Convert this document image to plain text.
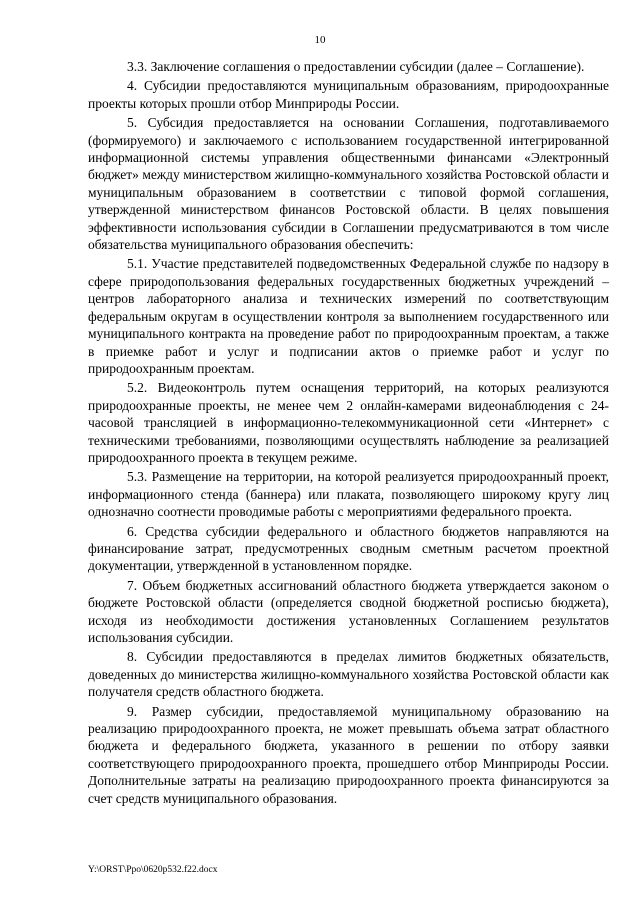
10

3.3. Заключение соглашения о предоставлении субсидии (далее – Соглашение).

4. Субсидии предоставляются муниципальным образованиям, природоохранные проекты которых прошли отбор Минприроды России.

5. Субсидия предоставляется на основании Соглашения, подготавливаемого (формируемого) и заключаемого с использованием государственной интегрированной информационной системы управления общественными финансами «Электронный бюджет» между министерством жилищно-коммунального хозяйства Ростовской области и муниципальным образованием в соответствии с типовой формой соглашения, утвержденной министерством финансов Ростовской области. В целях повышения эффективности использования субсидии в Соглашении предусматриваются в том числе обязательства муниципального образования обеспечить:

5.1. Участие представителей подведомственных Федеральной службе по надзору в сфере природопользования федеральных государственных бюджетных учреждений – центров лабораторного анализа и технических измерений по соответствующим федеральным округам в осуществлении контроля за выполнением государственного или муниципального контракта на проведение работ по природоохранным проектам, а также в приемке работ и услуг и подписании актов о приемке работ и услуг по природоохранным проектам.

5.2. Видеоконтроль путем оснащения территорий, на которых реализуются природоохранные проекты, не менее чем 2 онлайн-камерами видеонаблюдения с 24-часовой трансляцией в информационно-телекоммуникационной сети «Интернет» с техническими требованиями, позволяющими осуществлять наблюдение за реализацией природоохранного проекта в текущем режиме.

5.3. Размещение на территории, на которой реализуется природоохранный проект, информационного стенда (баннера) или плаката, позволяющего широкому кругу лиц однозначно соотнести проводимые работы с мероприятиями федерального проекта.

6. Средства субсидии федерального и областного бюджетов направляются на финансирование затрат, предусмотренных сводным сметным расчетом проектной документации, утвержденной в установленном порядке.

7. Объем бюджетных ассигнований областного бюджета утверждается законом о бюджете Ростовской области (определяется сводной бюджетной росписью бюджета), исходя из необходимости достижения установленных Соглашением результатов использования субсидии.

8. Субсидии предоставляются в пределах лимитов бюджетных обязательств, доведенных до министерства жилищно-коммунального хозяйства Ростовской области как получателя средств областного бюджета.

9. Размер субсидии, предоставляемой муниципальному образованию на реализацию природоохранного проекта, не может превышать объема затрат областного бюджета и федерального бюджета, указанного в решении по отбору заявки соответствующего природоохранного проекта, прошедшего отбор Минприроды России. Дополнительные затраты на реализацию природоохранного проекта финансируются за счет средств муниципального образования.

Y:\ORST\Ppo\0620p532.f22.docx
